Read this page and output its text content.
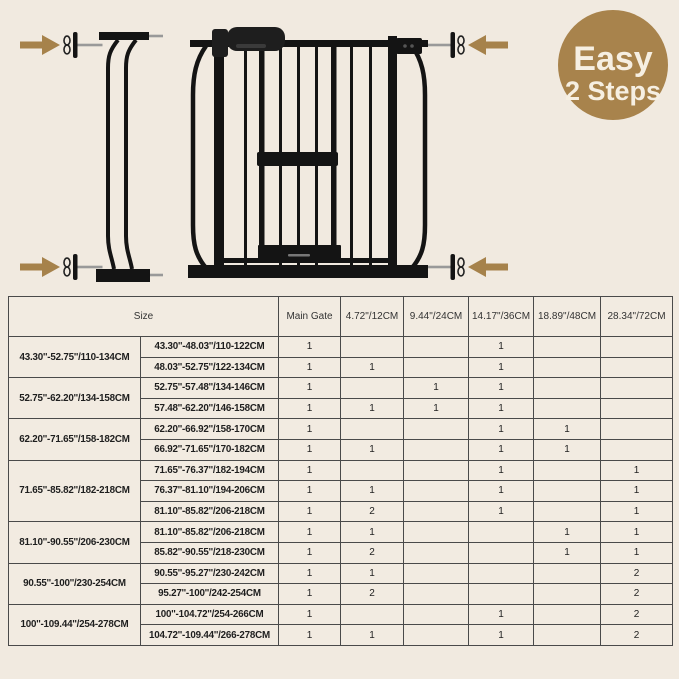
Easy
2 Steps
Size		Main Gate	4.72"/12CM	9.44"/24CM	14.17"/36CM	18.89"/48CM	28.34"/72CM
43.30''-52.75''/110-134CM	43.30''-48.03''/110-122CM	1			1		
	48.03''-52.75''/122-134CM	1	1		1		
52.75''-62.20''/134-158CM	52.75''-57.48''/134-146CM	1		1	1		
	57.48''-62.20''/146-158CM	1	1	1	1		
62.20''-71.65''/158-182CM	62.20''-66.92''/158-170CM	1			1	1	
	66.92''-71.65''/170-182CM	1	1		1	1	
71.65''-85.82''/182-218CM	71.65''-76.37''/182-194CM	1			1		1
	76.37''-81.10''/194-206CM	1	1		1		1
	81.10''-85.82''/206-218CM	1	2		1		1
81.10''-90.55''/206-230CM	81.10''-85.82''/206-218CM	1	1			1	1
	85.82''-90.55''/218-230CM	1	2			1	1
90.55''-100''/230-254CM	90.55''-95.27''/230-242CM	1	1				2
	95.27''-100''/242-254CM	1	2				2
100''-109.44''/254-278CM	100''-104.72''/254-266CM	1			1		2
	104.72''-109.44''/266-278CM	1	1		1		2
